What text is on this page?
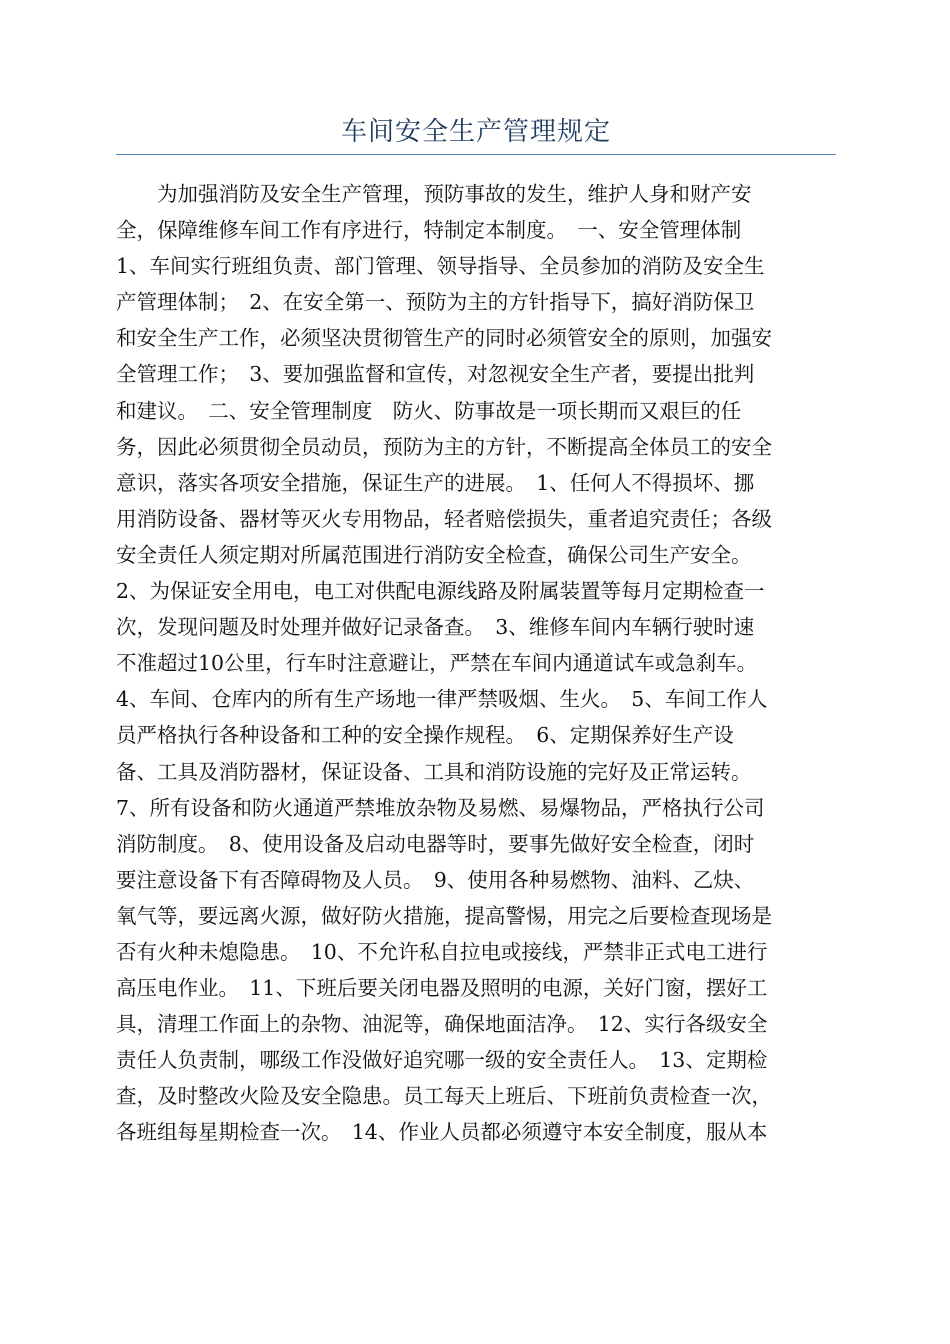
车间安全生产管理规定
　　为加强消防及安全生产管理，预防事故的发生，维护人身和财产安
全，保障维修车间工作有序进行，特制定本制度。　一、安全管理体制
1、车间实行班组负责、部门管理、领导指导、全员参加的消防及安全生
产管理体制；　2、在安全第一、预防为主的方针指导下，搞好消防保卫
和安全生产工作，必须坚决贯彻管生产的同时必须管安全的原则，加强安
全管理工作；　3、要加强监督和宣传，对忽视安全生产者，要提出批判
和建议。　二、安全管理制度　防火、防事故是一项长期而又艰巨的任
务，因此必须贯彻全员动员，预防为主的方针，不断提高全体员工的安全
意识，落实各项安全措施，保证生产的进展。　1、任何人不得损坏、挪
用消防设备、器材等灭火专用物品，轻者赔偿损失，重者追究责任；各级
安全责任人须定期对所属范围进行消防安全检查，确保公司生产安全。
2、为保证安全用电，电工对供配电源线路及附属装置等每月定期检查一
次，发现问题及时处理并做好记录备查。　3、维修车间内车辆行驶时速
不准超过10公里，行车时注意避让，严禁在车间内通道试车或急刹车。
4、车间、仓库内的所有生产场地一律严禁吸烟、生火。　5、车间工作人
员严格执行各种设备和工种的安全操作规程。　6、定期保养好生产设
备、工具及消防器材，保证设备、工具和消防设施的完好及正常运转。
7、所有设备和防火通道严禁堆放杂物及易燃、易爆物品，严格执行公司
消防制度。　8、使用设备及启动电器等时，要事先做好安全检查，闭时
要注意设备下有否障碍物及人员。　9、使用各种易燃物、油料、乙炔、
氧气等，要远离火源，做好防火措施，提高警惕，用完之后要检查现场是
否有火种未熄隐患。　10、不允许私自拉电或接线，严禁非正式电工进行
高压电作业。　11、下班后要关闭电器及照明的电源，关好门窗，摆好工
具，清理工作面上的杂物、油泥等，确保地面洁净。　12、实行各级安全
责任人负责制，哪级工作没做好追究哪一级的安全责任人。　13、定期检
查，及时整改火险及安全隐患。员工每天上班后、下班前负责检查一次，
各班组每星期检查一次。　14、作业人员都必须遵守本安全制度，服从本
